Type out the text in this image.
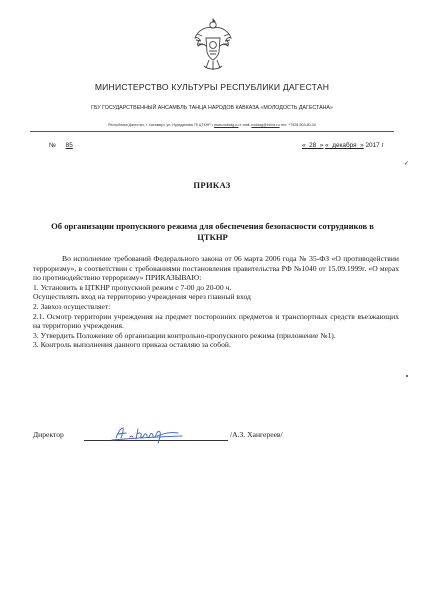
МИНИСТЕРСТВО КУЛЬТУРЫ РЕСПУБЛИКИ ДАГЕСТАН
ГБУ ГОСУДАРСТВЕННЫЙ АНСАМБЛЬ ТАНЦА НАРОДОВ КАВКАЗА «МОЛОДОСТЬ ДАГЕСТАНА»
Республика Дагестан, г. Хасавюрт, ул. Нурадилова 75 ЦТКНР • www.moldag.ru e-mail: moldag@inbox.ru тел: +7928-503-80-30
№ 85	«_28_» «_декабря_» 2017 г
✓
ПРИКАЗ
Об организации пропускного режима для обеспечения безопасности сотрудников в ЦТКНР

Во исполнение требований Федерального закона от 06 марта 2006 года № 35-ФЗ «О противодействии терроризму», в соответствии с требованиями постановления правительства РФ №1040 от 15.09.1999г. «О мерах по противодействию терроризму» ПРИКАЗЫВАЮ:

1. Установить в ЦТКНР пропускной режим с 7-00 до 20-00 ч.

Осуществлять вход на территорию учреждения через главный вход

2. Завхоз осуществляет:

2.1. Осмотр территории учреждения на предмет посторонних предметов и транспортных средств въезжающих на территорию учреждения.

3. Утвердить Положение об организации контрольно-пропускного режима (приложение №1).

3. Контроль выполнения данного приказа оставляю за собой.

Директор	/А.З. Хангереев/
